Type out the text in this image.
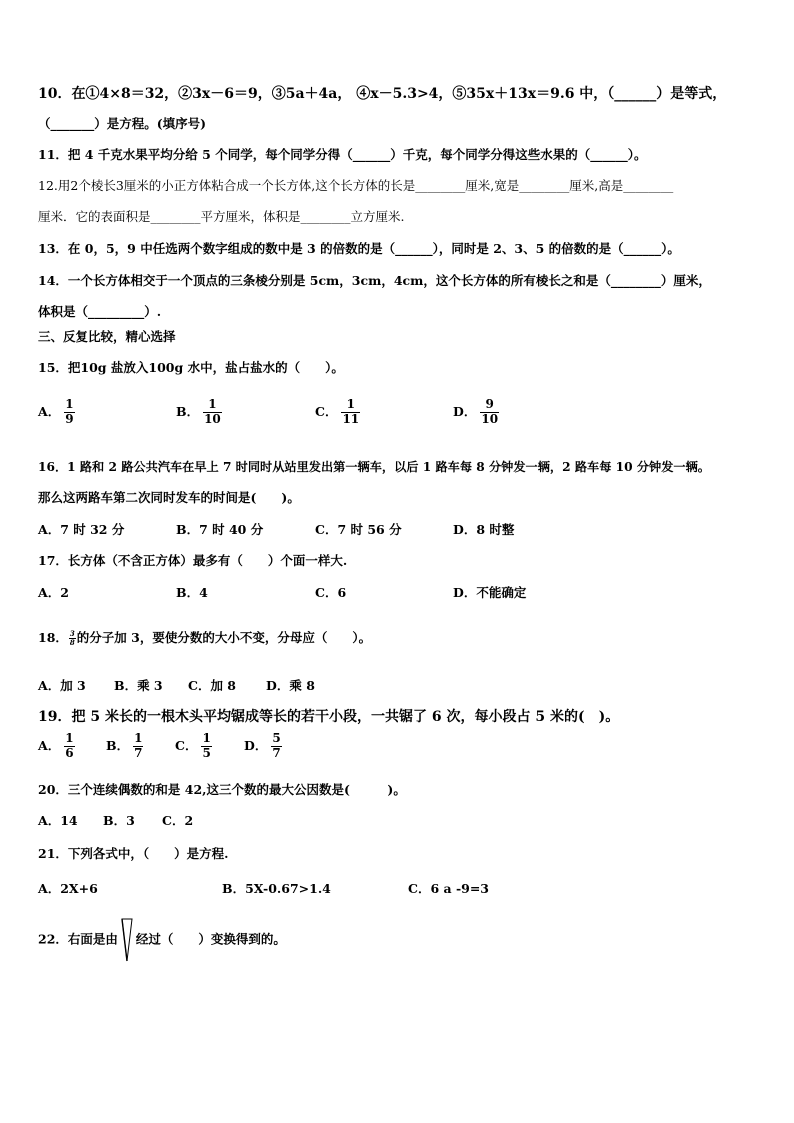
10．在①4×8＝32，②3x－6＝9，③5a＋4a， ④x－5.3>4，⑤35x＋13x＝9.6 中，（______）是等式，
（_______）是方程。(填序号)
11．把 4 千克水果平均分给 5 个同学，每个同学分得（______）千克，每个同学分得这些水果的（______）。
12.用2个棱长3厘米的小正方体粘合成一个长方体,这个长方体的长是________厘米,宽是________厘米,高是________
厘米．它的表面积是________平方厘米，体积是________立方厘米.
13．在 0，5，9 中任选两个数字组成的数中是 3 的倍数的是（______），同时是 2、3、5 的倍数的是（______）。
14．一个长方体相交于一个顶点的三条棱分别是 5cm，3cm，4cm，这个长方体的所有棱长之和是（________）厘米，
体积是（_________）.
三、反复比较，精心选择
15．把10g 盐放入100g 水中，盐占盐水的（　　）。
A． $\frac{1}{9}$	B． $\frac{1}{10}$	C． $\frac{1}{11}$	D． $\frac{9}{10}$
16．1 路和 2 路公共汽车在早上 7 时同时从站里发出第一辆车，以后 1 路车每 8 分钟发一辆，2 路车每 10 分钟发一辆。
那么这两路车第二次同时发车的时间是(　　)。
A．7 时 32 分	B．7 时 40 分	C．7 时 56 分	D．8 时整
17．长方体（不含正方体）最多有（　　）个面一样大.
A．2	B．4	C．6	D．不能确定
18． $\frac{3}{8}$ 的分子加 3，要使分数的大小不变，分母应（　　）。
A．加 3 B．乘 3 C．加 8 D．乘 8
19．把 5 米长的一根木头平均锯成等长的若干小段，一共锯了 6 次，每小段占 5 米的(　)。
A． $\frac{1}{6}$	B． $\frac{1}{7}$	C． $\frac{1}{5}$	D． $\frac{5}{7}$
20．三个连续偶数的和是 42,这三个数的最大公因数是(　　　)。
A．14 B．3 C．2
21．下列各式中，（　　）是方程.
A．2X+6	B．5X-0.67>1.4	C．6 a -9=3
22．右面是由 经过（　　）变换得到的。
